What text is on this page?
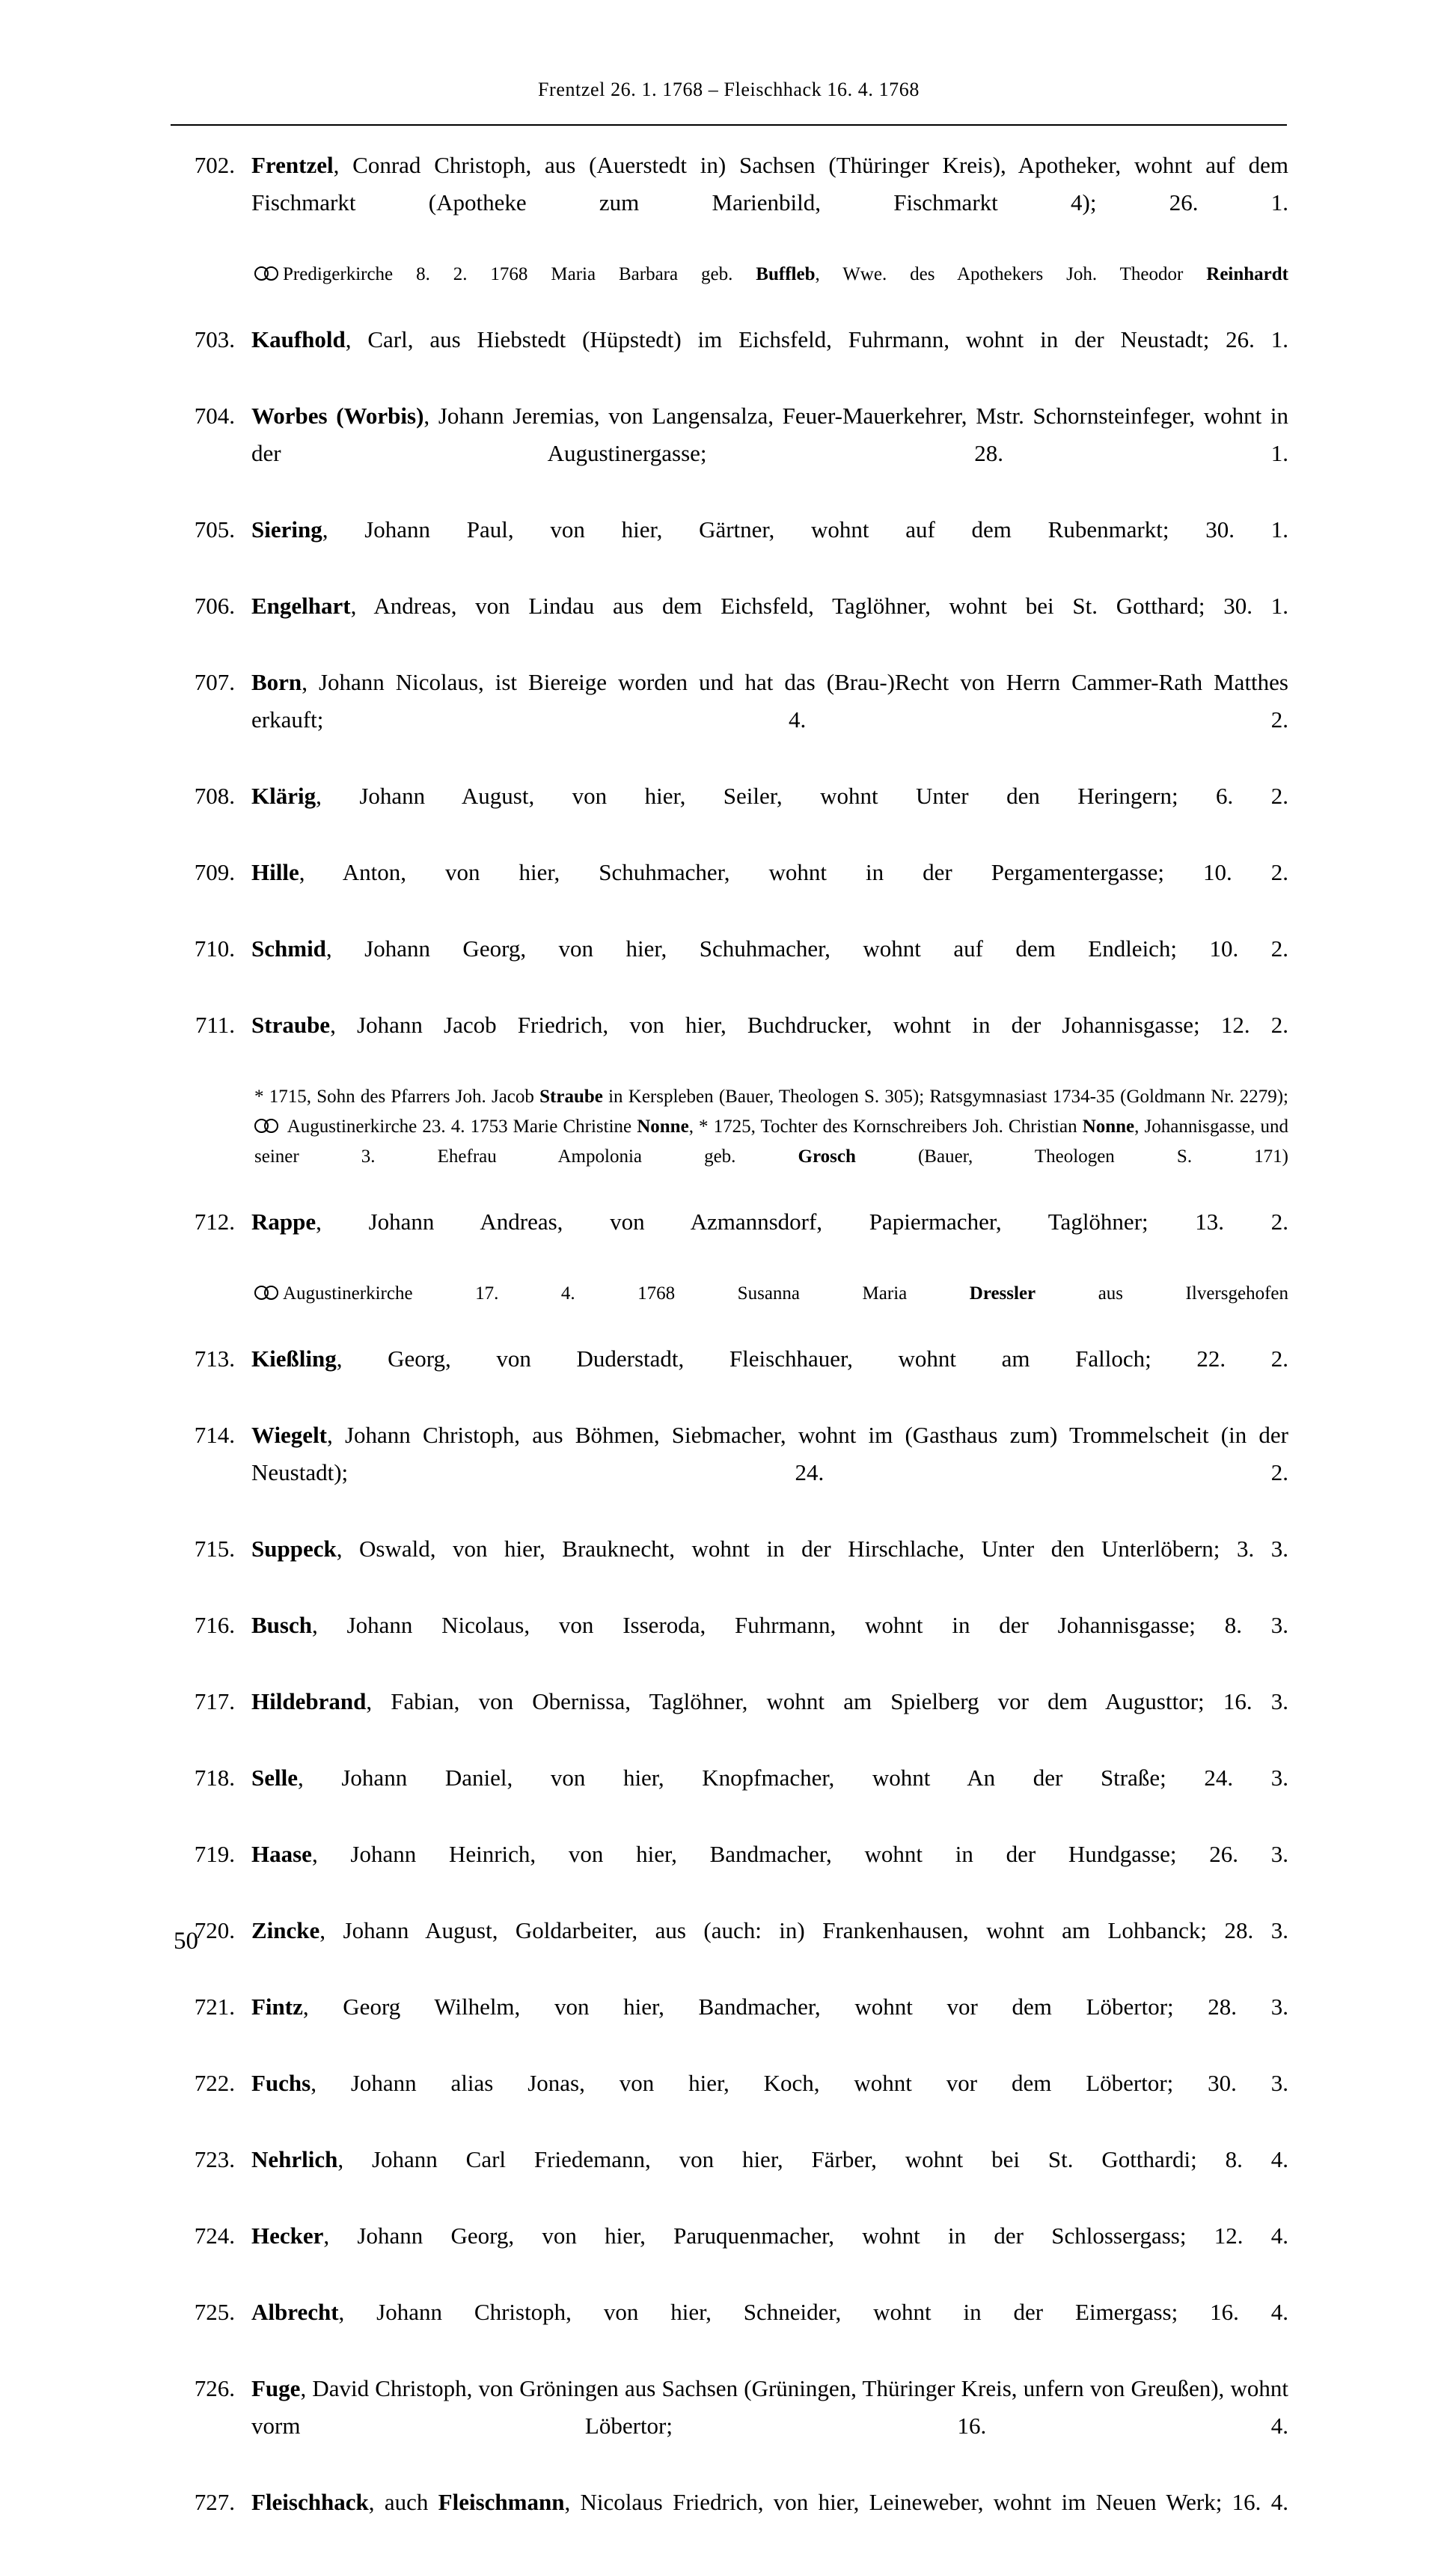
Frentzel 26. 1. 1768 – Fleischhack 16. 4. 1768
702. Frentzel, Conrad Christoph, aus (Auerstedt in) Sachsen (Thüringer Kreis), Apotheker, wohnt auf dem Fischmarkt (Apotheke zum Marienbild, Fischmarkt 4); 26. 1.
Predigerkirche 8. 2. 1768 Maria Barbara geb. Buffleb, Wwe. des Apothekers Joh. Theodor Reinhardt
703. Kaufhold, Carl, aus Hiebstedt (Hüpstedt) im Eichsfeld, Fuhrmann, wohnt in der Neustadt; 26. 1.
704. Worbes (Worbis), Johann Jeremias, von Langensalza, Feuer-Mauerkehrer, Mstr. Schornsteinfeger, wohnt in der Augustinergasse; 28. 1.
705. Siering, Johann Paul, von hier, Gärtner, wohnt auf dem Rubenmarkt; 30. 1.
706. Engelhart, Andreas, von Lindau aus dem Eichsfeld, Taglöhner, wohnt bei St. Gotthard; 30. 1.
707. Born, Johann Nicolaus, ist Biereige worden und hat das (Brau-)Recht von Herrn Cammer-Rath Matthes erkauft; 4. 2.
708. Klärig, Johann August, von hier, Seiler, wohnt Unter den Heringern; 6. 2.
709. Hille, Anton, von hier, Schuhmacher, wohnt in der Pergamentergasse; 10. 2.
710. Schmid, Johann Georg, von hier, Schuhmacher, wohnt auf dem Endleich; 10. 2.
711. Straube, Johann Jacob Friedrich, von hier, Buchdrucker, wohnt in der Johannisgasse; 12. 2.
* 1715, Sohn des Pfarrers Joh. Jacob Straube in Kerspleben (Bauer, Theologen S. 305); Ratsgymnasiast 1734-35 (Goldmann Nr. 2279);
Augustinerkirche 23. 4. 1753 Marie Christine Nonne, * 1725, Tochter des Kornschreibers Joh. Christian Nonne, Johannisgasse, und seiner 3. Ehefrau Ampolonia geb. Grosch (Bauer, Theologen S. 171)
712. Rappe, Johann Andreas, von Azmannsdorf, Papiermacher, Taglöhner; 13. 2.
Augustinerkirche 17. 4. 1768 Susanna Maria Dressler aus Ilversgehofen
713. Kießling, Georg, von Duderstadt, Fleischhauer, wohnt am Falloch; 22. 2.
714. Wiegelt, Johann Christoph, aus Böhmen, Siebmacher, wohnt im (Gasthaus zum) Trommelscheit (in der Neustadt); 24. 2.
715. Suppeck, Oswald, von hier, Brauknecht, wohnt in der Hirschlache, Unter den Unterlöbern; 3. 3.
716. Busch, Johann Nicolaus, von Isseroda, Fuhrmann, wohnt in der Johannisgasse; 8. 3.
717. Hildebrand, Fabian, von Obernissa, Taglöhner, wohnt am Spielberg vor dem Augusttor; 16. 3.
718. Selle, Johann Daniel, von hier, Knopfmacher, wohnt An der Straße; 24. 3.
719. Haase, Johann Heinrich, von hier, Bandmacher, wohnt in der Hundgasse; 26. 3.
720. Zincke, Johann August, Goldarbeiter, aus (auch: in) Frankenhausen, wohnt am Lohbanck; 28. 3.
721. Fintz, Georg Wilhelm, von hier, Bandmacher, wohnt vor dem Löbertor; 28. 3.
722. Fuchs, Johann alias Jonas, von hier, Koch, wohnt vor dem Löbertor; 30. 3.
723. Nehrlich, Johann Carl Friedemann, von hier, Färber, wohnt bei St. Gotthardi; 8. 4.
724. Hecker, Johann Georg, von hier, Paruquenmacher, wohnt in der Schlossergass; 12. 4.
725. Albrecht, Johann Christoph, von hier, Schneider, wohnt in der Eimergass; 16. 4.
726. Fuge, David Christoph, von Gröningen aus Sachsen (Grüningen, Thüringer Kreis, unfern von Greußen), wohnt vorm Löbertor; 16. 4.
727. Fleischhack, auch Fleischmann, Nicolaus Friedrich, von hier, Leineweber, wohnt im Neuen Werk; 16. 4.
50
